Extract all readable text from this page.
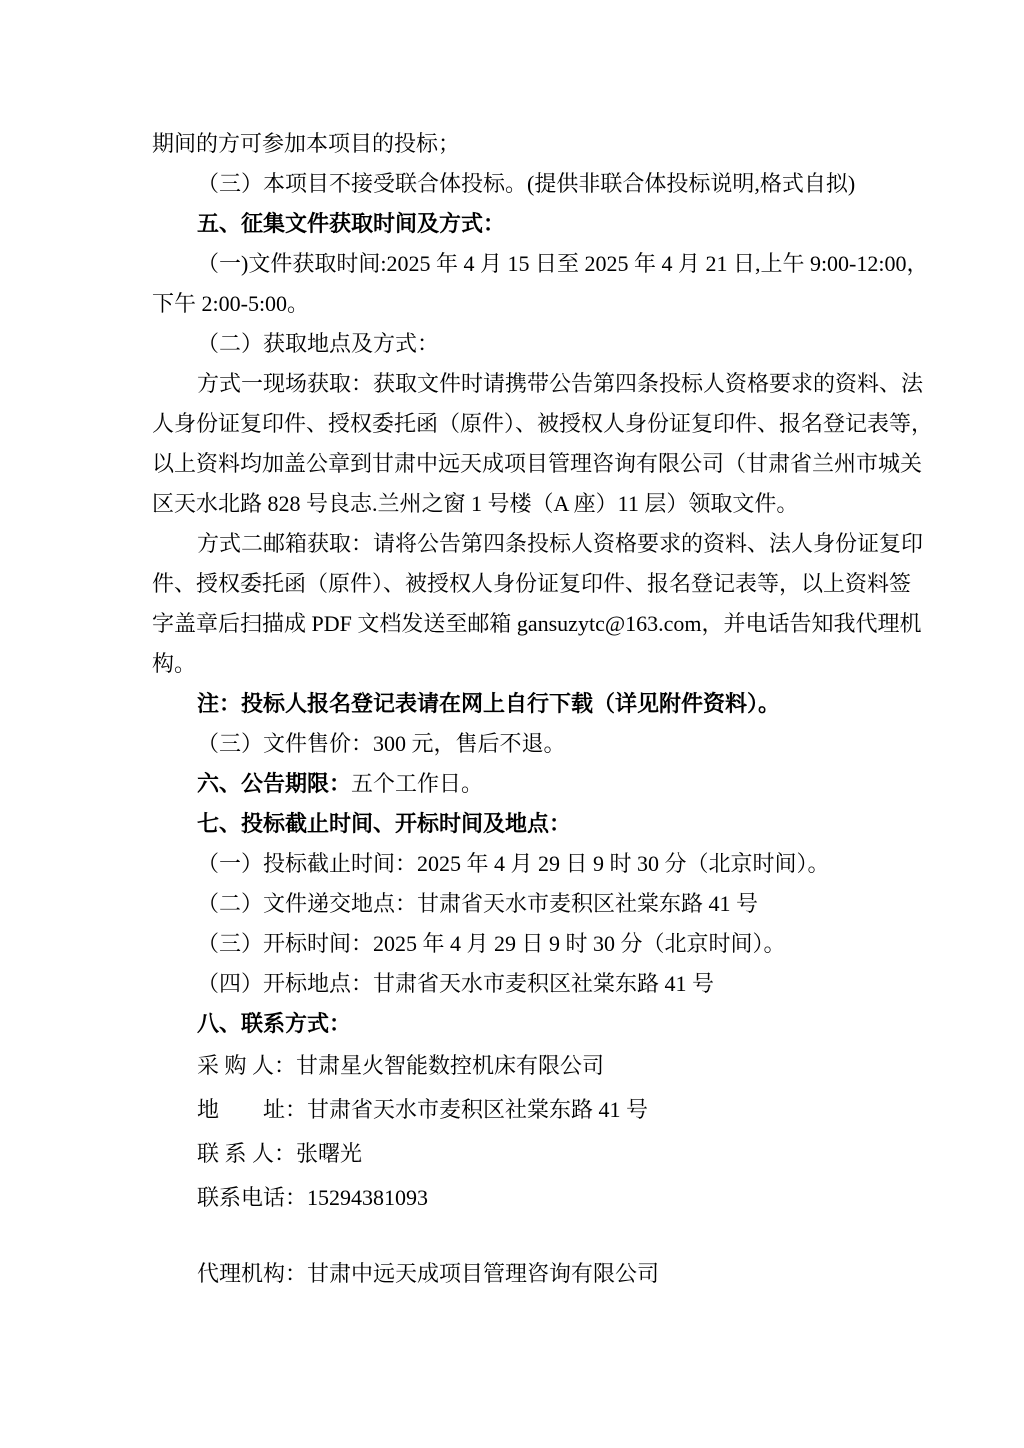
期间的方可参加本项目的投标；
（三）本项目不接受联合体投标。(提供非联合体投标说明,格式自拟)
五、征集文件获取时间及方式：
（一)文件获取时间:2025 年 4 月 15 日至 2025 年 4 月 21 日,上午 9:00-12:00，
下午 2:00-5:00。
（二）获取地点及方式：
方式一现场获取：获取文件时请携带公告第四条投标人资格要求的资料、法
人身份证复印件、授权委托函（原件）、被授权人身份证复印件、报名登记表等，
以上资料均加盖公章到甘肃中远天成项目管理咨询有限公司（甘肃省兰州市城关
区天水北路 828 号良志.兰州之窗 1 号楼（A 座）11 层）领取文件。
方式二邮箱获取：请将公告第四条投标人资格要求的资料、法人身份证复印
件、授权委托函（原件）、被授权人身份证复印件、报名登记表等，以上资料签
字盖章后扫描成 PDF 文档发送至邮箱 gansuzytc@163.com，并电话告知我代理机
构。
注：投标人报名登记表请在网上自行下载（详见附件资料）。
（三）文件售价：300 元，售后不退。
六、公告期限：五个工作日。
七、投标截止时间、开标时间及地点：
（一）投标截止时间：2025 年 4 月 29 日 9 时 30 分（北京时间）。
（二）文件递交地点：甘肃省天水市麦积区社棠东路 41 号
（三）开标时间：2025 年 4 月 29 日 9 时 30 分（北京时间）。
（四）开标地点：甘肃省天水市麦积区社棠东路 41 号
八、联系方式：
采 购 人：甘肃星火智能数控机床有限公司
地　　址：甘肃省天水市麦积区社棠东路 41 号
联 系 人：张曙光
联系电话：15294381093
代理机构：甘肃中远天成项目管理咨询有限公司
